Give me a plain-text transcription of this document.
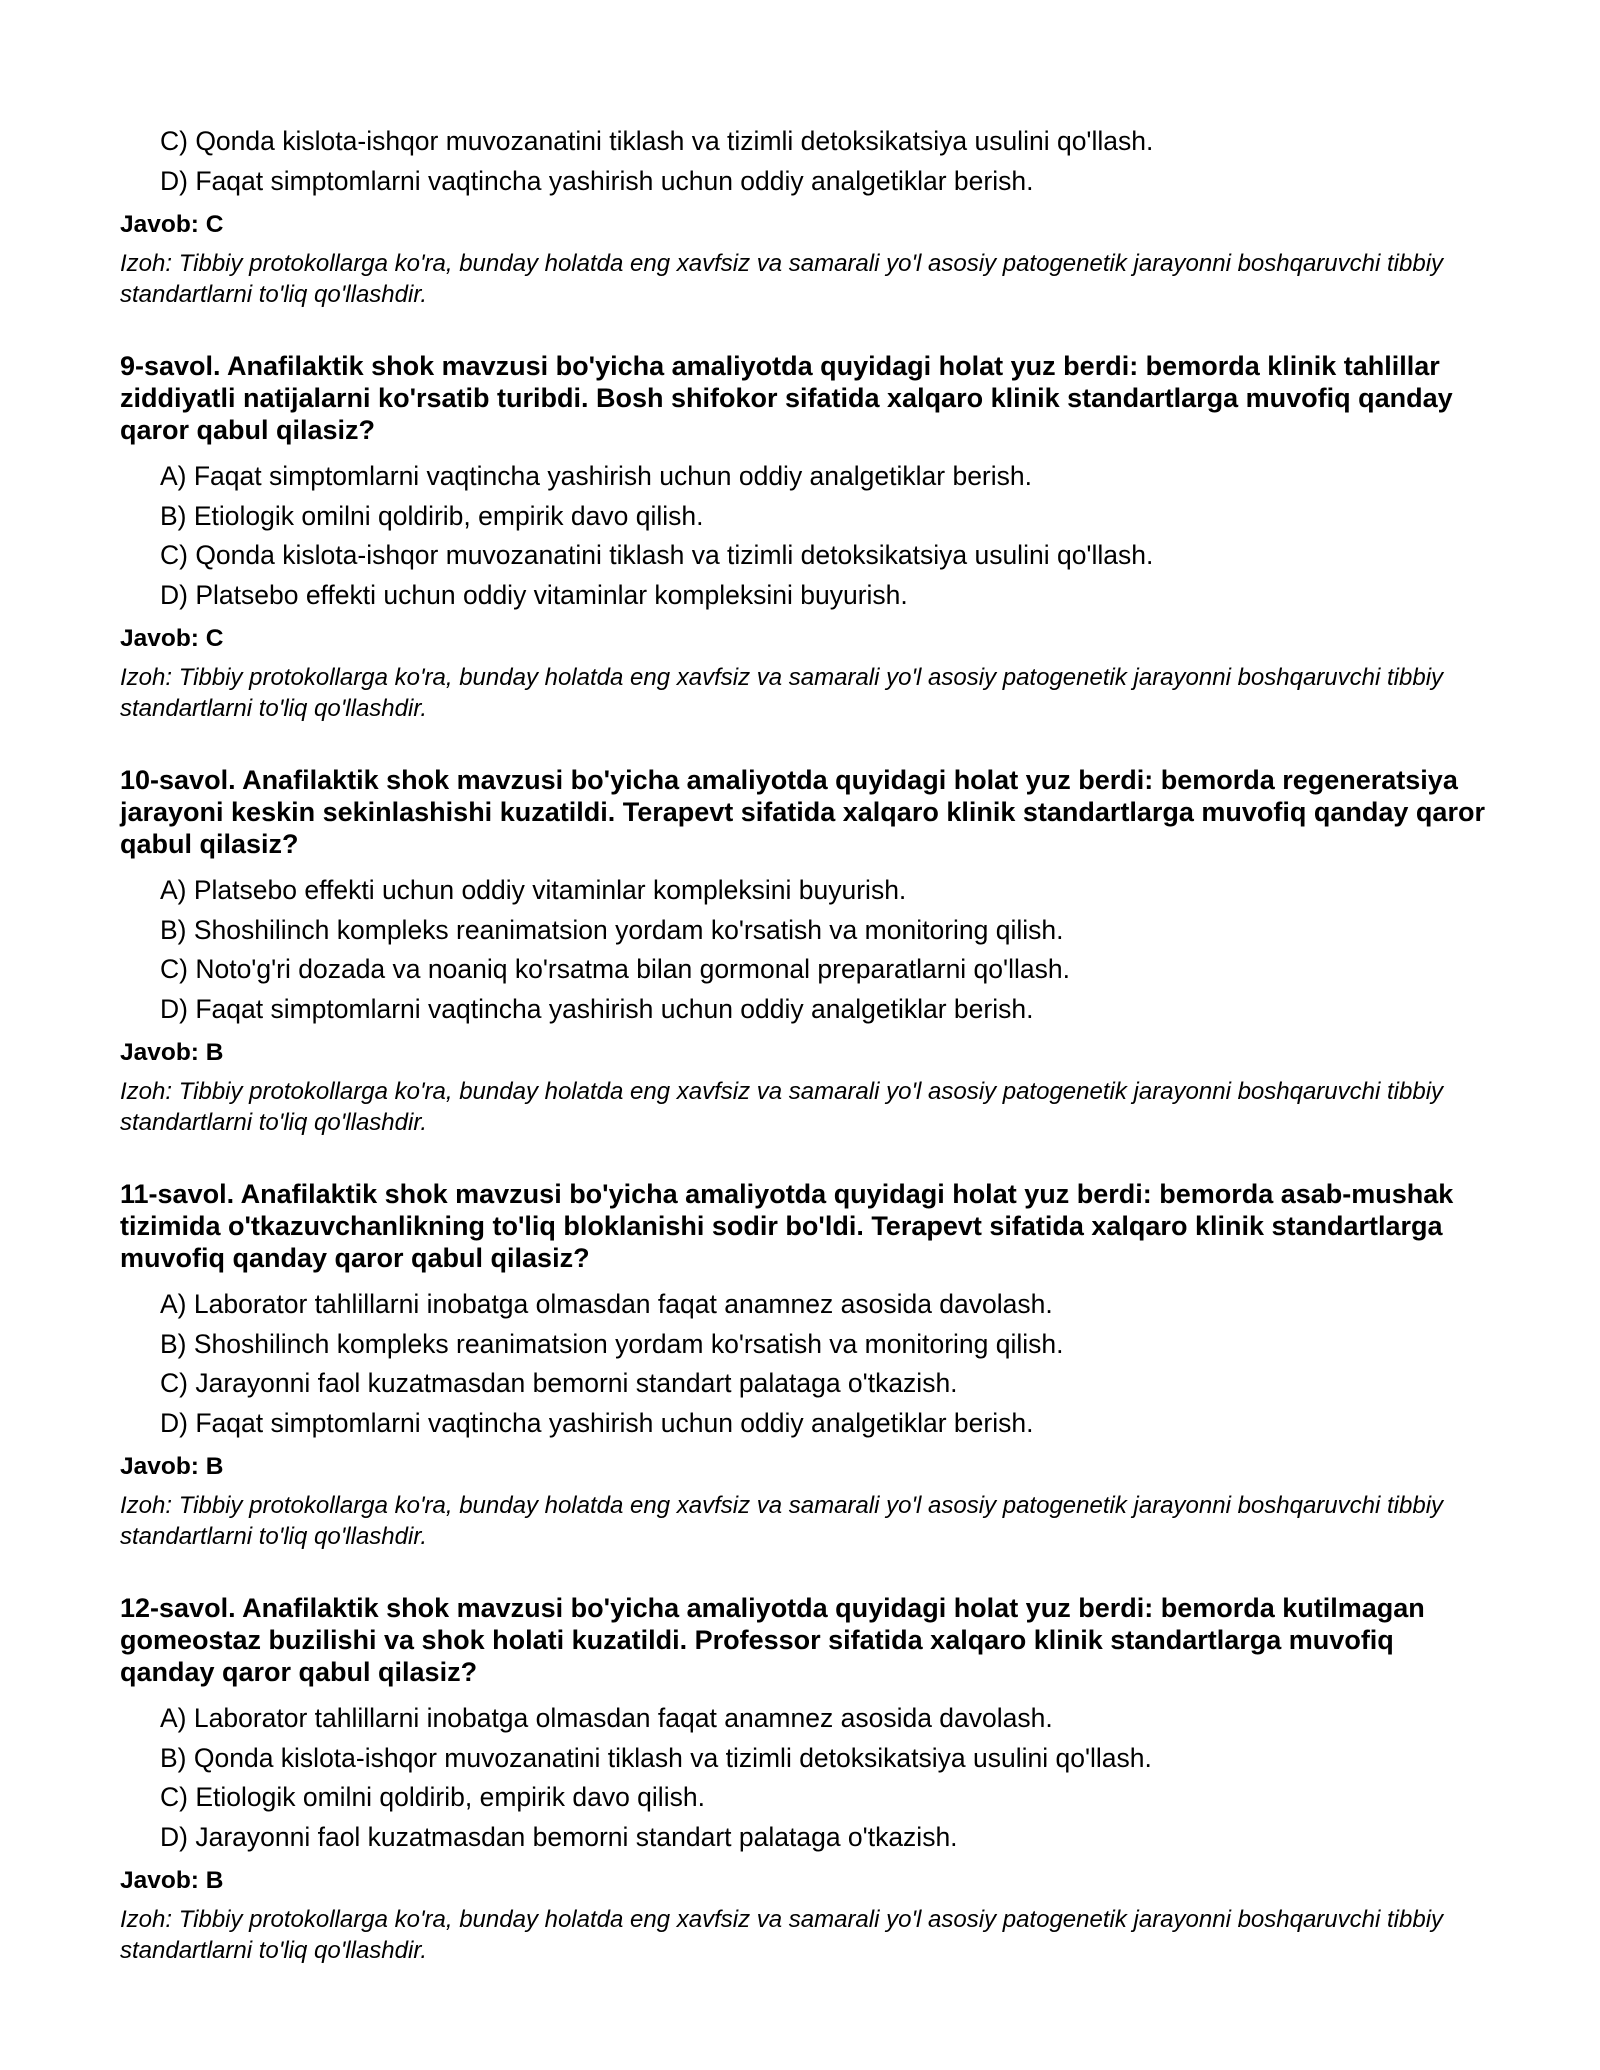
C) Qonda kislota-ishqor muvozanatini tiklash va tizimli detoksikatsiya usulini qo'llash.
D) Faqat simptomlarni vaqtincha yashirish uchun oddiy analgetiklar berish.
Javob: C
Izoh: Tibbiy protokollarga ko'ra, bunday holatda eng xavfsiz va samarali yo'l asosiy patogenetik jarayonni boshqaruvchi tibbiy standartlarni to'liq qo'llashdir.
9-savol. Anafilaktik shok mavzusi bo'yicha amaliyotda quyidagi holat yuz berdi: bemorda klinik tahlillar ziddiyatli natijalarni ko'rsatib turibdi. Bosh shifokor sifatida xalqaro klinik standartlarga muvofiq qanday qaror qabul qilasiz?
A) Faqat simptomlarni vaqtincha yashirish uchun oddiy analgetiklar berish.
B) Etiologik omilni qoldirib, empirik davo qilish.
C) Qonda kislota-ishqor muvozanatini tiklash va tizimli detoksikatsiya usulini qo'llash.
D) Platsebo effekti uchun oddiy vitaminlar kompleksini buyurish.
Javob: C
Izoh: Tibbiy protokollarga ko'ra, bunday holatda eng xavfsiz va samarali yo'l asosiy patogenetik jarayonni boshqaruvchi tibbiy standartlarni to'liq qo'llashdir.
10-savol. Anafilaktik shok mavzusi bo'yicha amaliyotda quyidagi holat yuz berdi: bemorda regeneratsiya jarayoni keskin sekinlashishi kuzatildi. Terapevt sifatida xalqaro klinik standartlarga muvofiq qanday qaror qabul qilasiz?
A) Platsebo effekti uchun oddiy vitaminlar kompleksini buyurish.
B) Shoshilinch kompleks reanimatsion yordam ko'rsatish va monitoring qilish.
C) Noto'g'ri dozada va noaniq ko'rsatma bilan gormonal preparatlarni qo'llash.
D) Faqat simptomlarni vaqtincha yashirish uchun oddiy analgetiklar berish.
Javob: B
Izoh: Tibbiy protokollarga ko'ra, bunday holatda eng xavfsiz va samarali yo'l asosiy patogenetik jarayonni boshqaruvchi tibbiy standartlarni to'liq qo'llashdir.
11-savol. Anafilaktik shok mavzusi bo'yicha amaliyotda quyidagi holat yuz berdi: bemorda asab-mushak tizimida o'tkazuvchanlikning to'liq bloklanishi sodir bo'ldi. Terapevt sifatida xalqaro klinik standartlarga muvofiq qanday qaror qabul qilasiz?
A) Laborator tahlillarni inobatga olmasdan faqat anamnez asosida davolash.
B) Shoshilinch kompleks reanimatsion yordam ko'rsatish va monitoring qilish.
C) Jarayonni faol kuzatmasdan bemorni standart palataga o'tkazish.
D) Faqat simptomlarni vaqtincha yashirish uchun oddiy analgetiklar berish.
Javob: B
Izoh: Tibbiy protokollarga ko'ra, bunday holatda eng xavfsiz va samarali yo'l asosiy patogenetik jarayonni boshqaruvchi tibbiy standartlarni to'liq qo'llashdir.
12-savol. Anafilaktik shok mavzusi bo'yicha amaliyotda quyidagi holat yuz berdi: bemorda kutilmagan gomeostaz buzilishi va shok holati kuzatildi. Professor sifatida xalqaro klinik standartlarga muvofiq qanday qaror qabul qilasiz?
A) Laborator tahlillarni inobatga olmasdan faqat anamnez asosida davolash.
B) Qonda kislota-ishqor muvozanatini tiklash va tizimli detoksikatsiya usulini qo'llash.
C) Etiologik omilni qoldirib, empirik davo qilish.
D) Jarayonni faol kuzatmasdan bemorni standart palataga o'tkazish.
Javob: B
Izoh: Tibbiy protokollarga ko'ra, bunday holatda eng xavfsiz va samarali yo'l asosiy patogenetik jarayonni boshqaruvchi tibbiy standartlarni to'liq qo'llashdir.
